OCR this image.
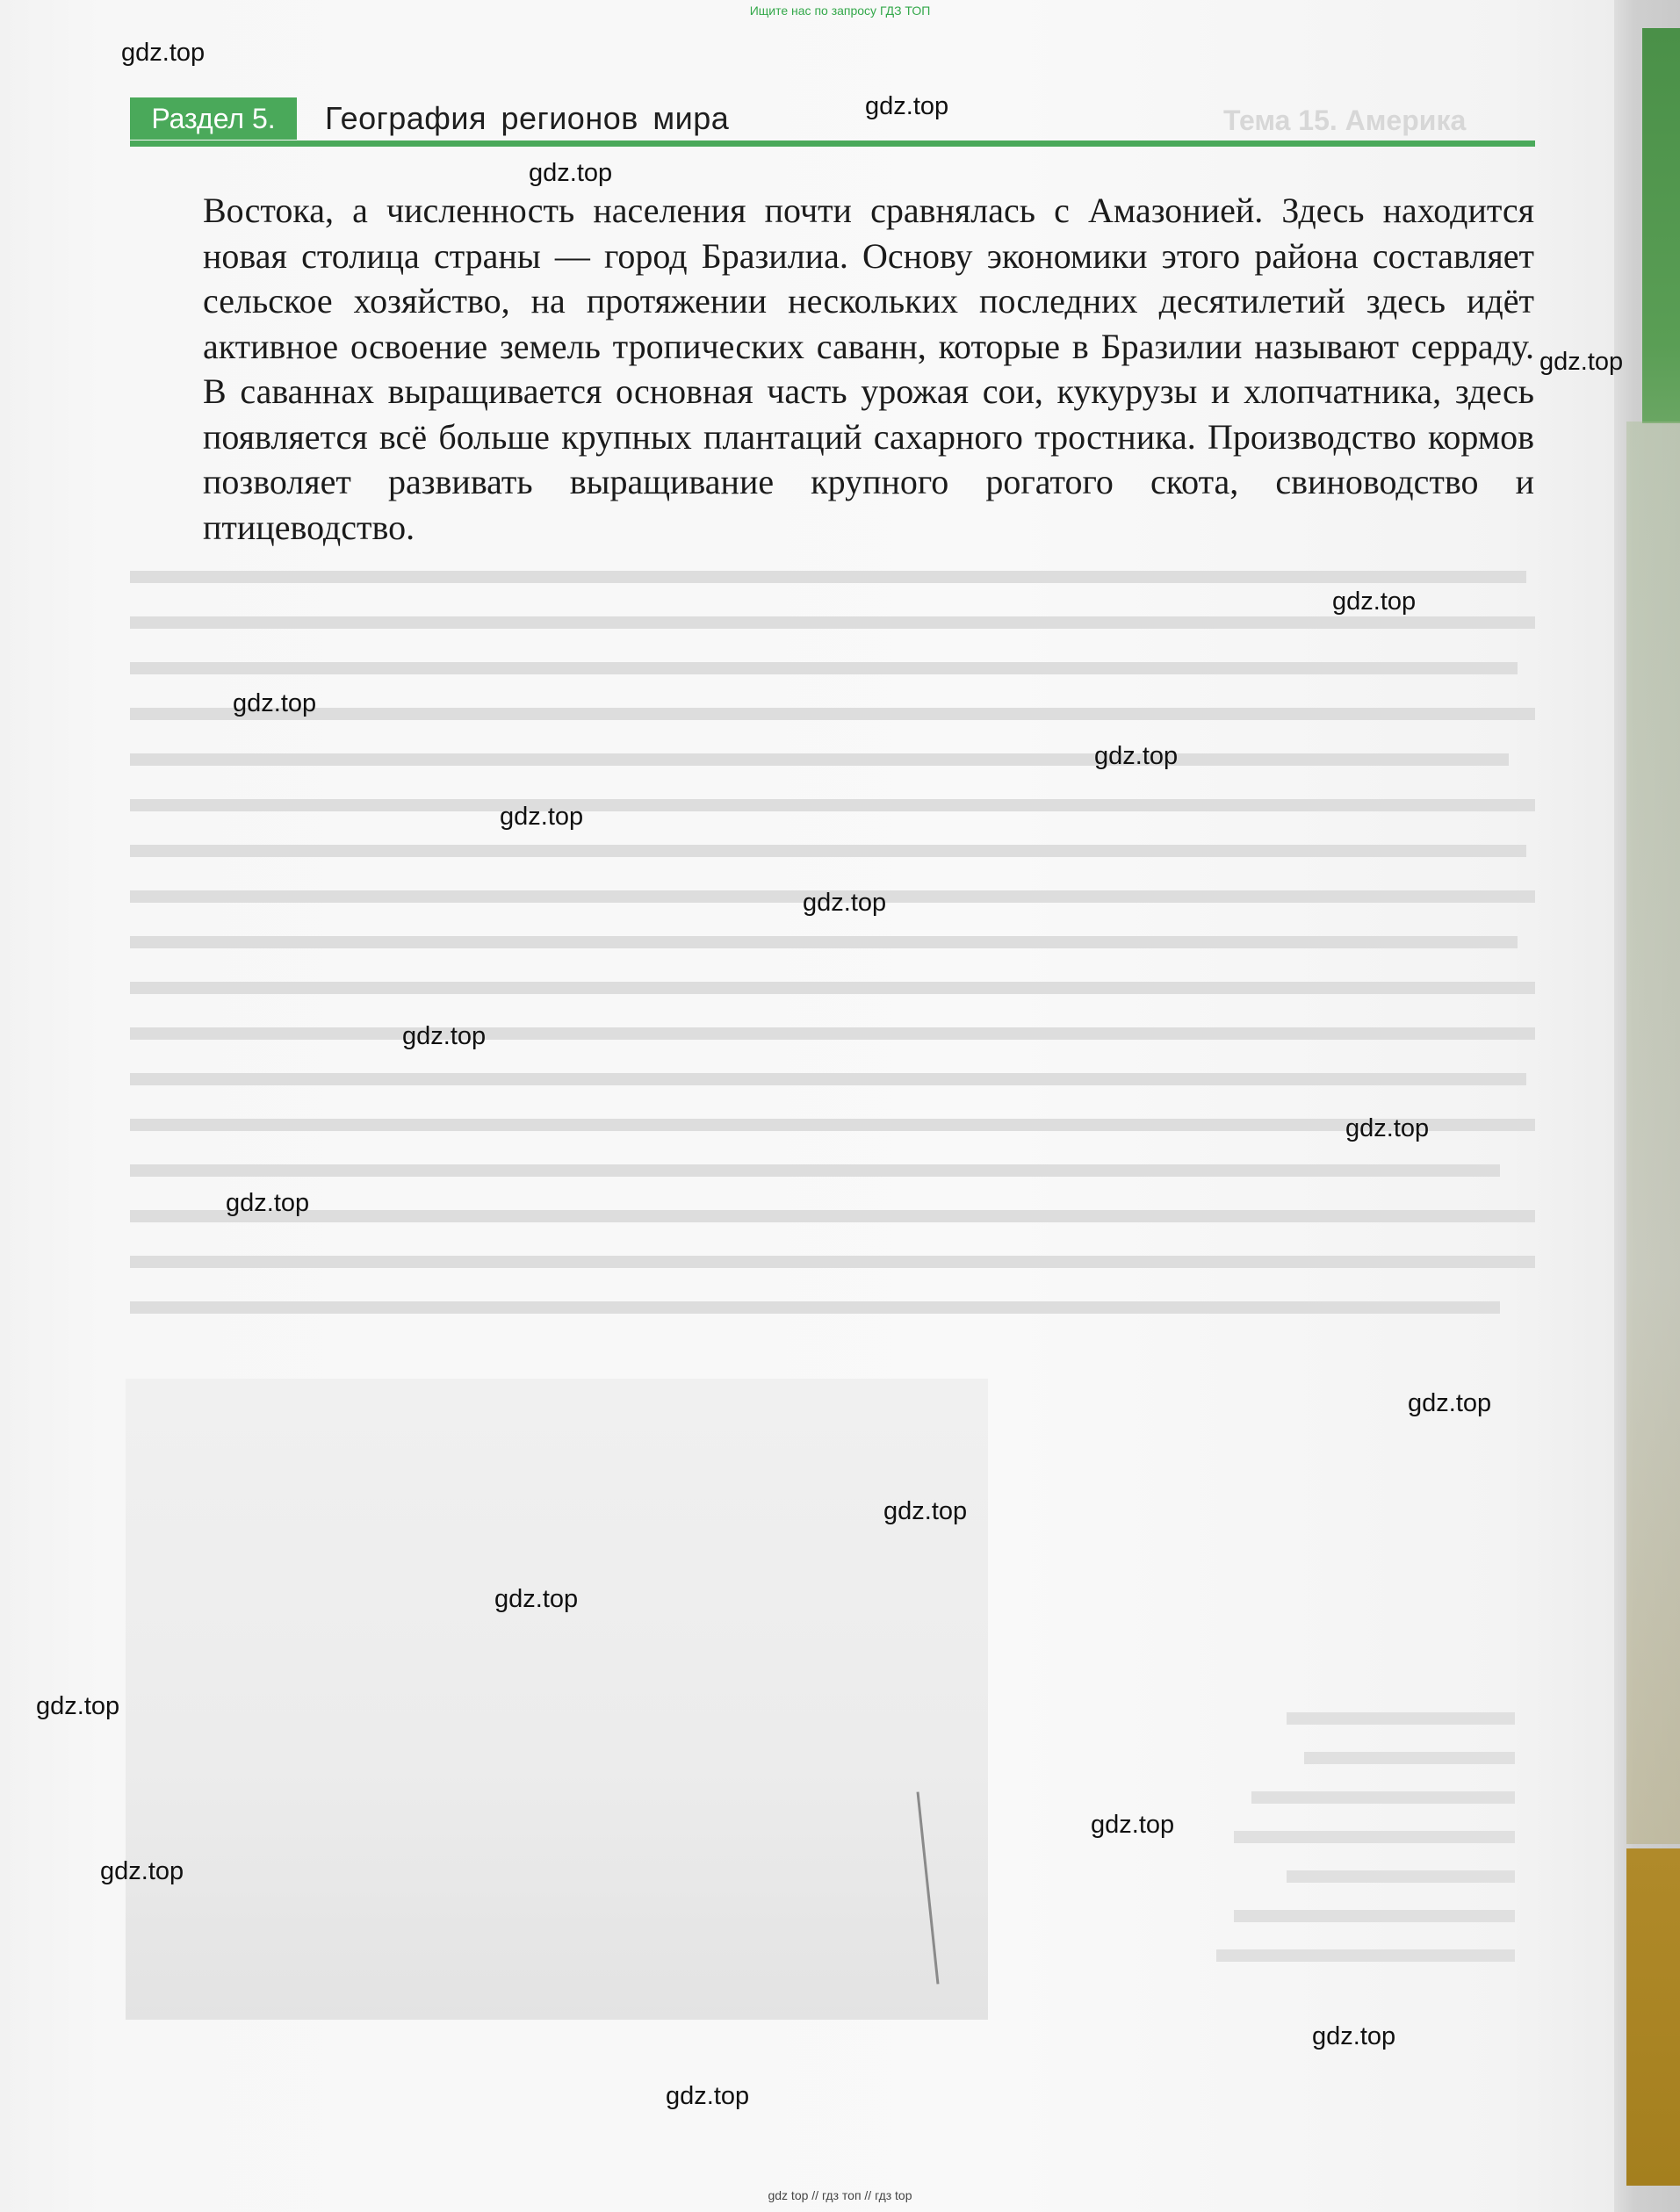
Ищите нас по запросу ГДЗ ТОП
Раздел 5.	География регионов мира	Тема 15. Америка

Востока, а численность населения почти сравнялась с Амазонией. Здесь находится новая столица страны — город Бразилиа. Основу экономики этого района составляет сельское хозяйство, на протяжении нескольких последних десятилетий здесь идёт активное освоение земель тропических саванн, которые в Бразилии называют серраду. В саваннах выращивается основная часть урожая сои, кукурузы и хлопчатника, здесь появляется всё больше крупных плантаций сахарного тростника. Производство кормов позволяет развивать выращивание крупного рогатого скота, свиноводство и птицеводство.

gdz.top
gdz.top
gdz.top
gdz.top
gdz.top
gdz.top
gdz.top
gdz.top
gdz.top
gdz.top
gdz.top
gdz.top
gdz.top
gdz.top
gdz.top
gdz.top
gdz.top
gdz.top
gdz.top
gdz.top
gdz top // гдз топ // гдз top
